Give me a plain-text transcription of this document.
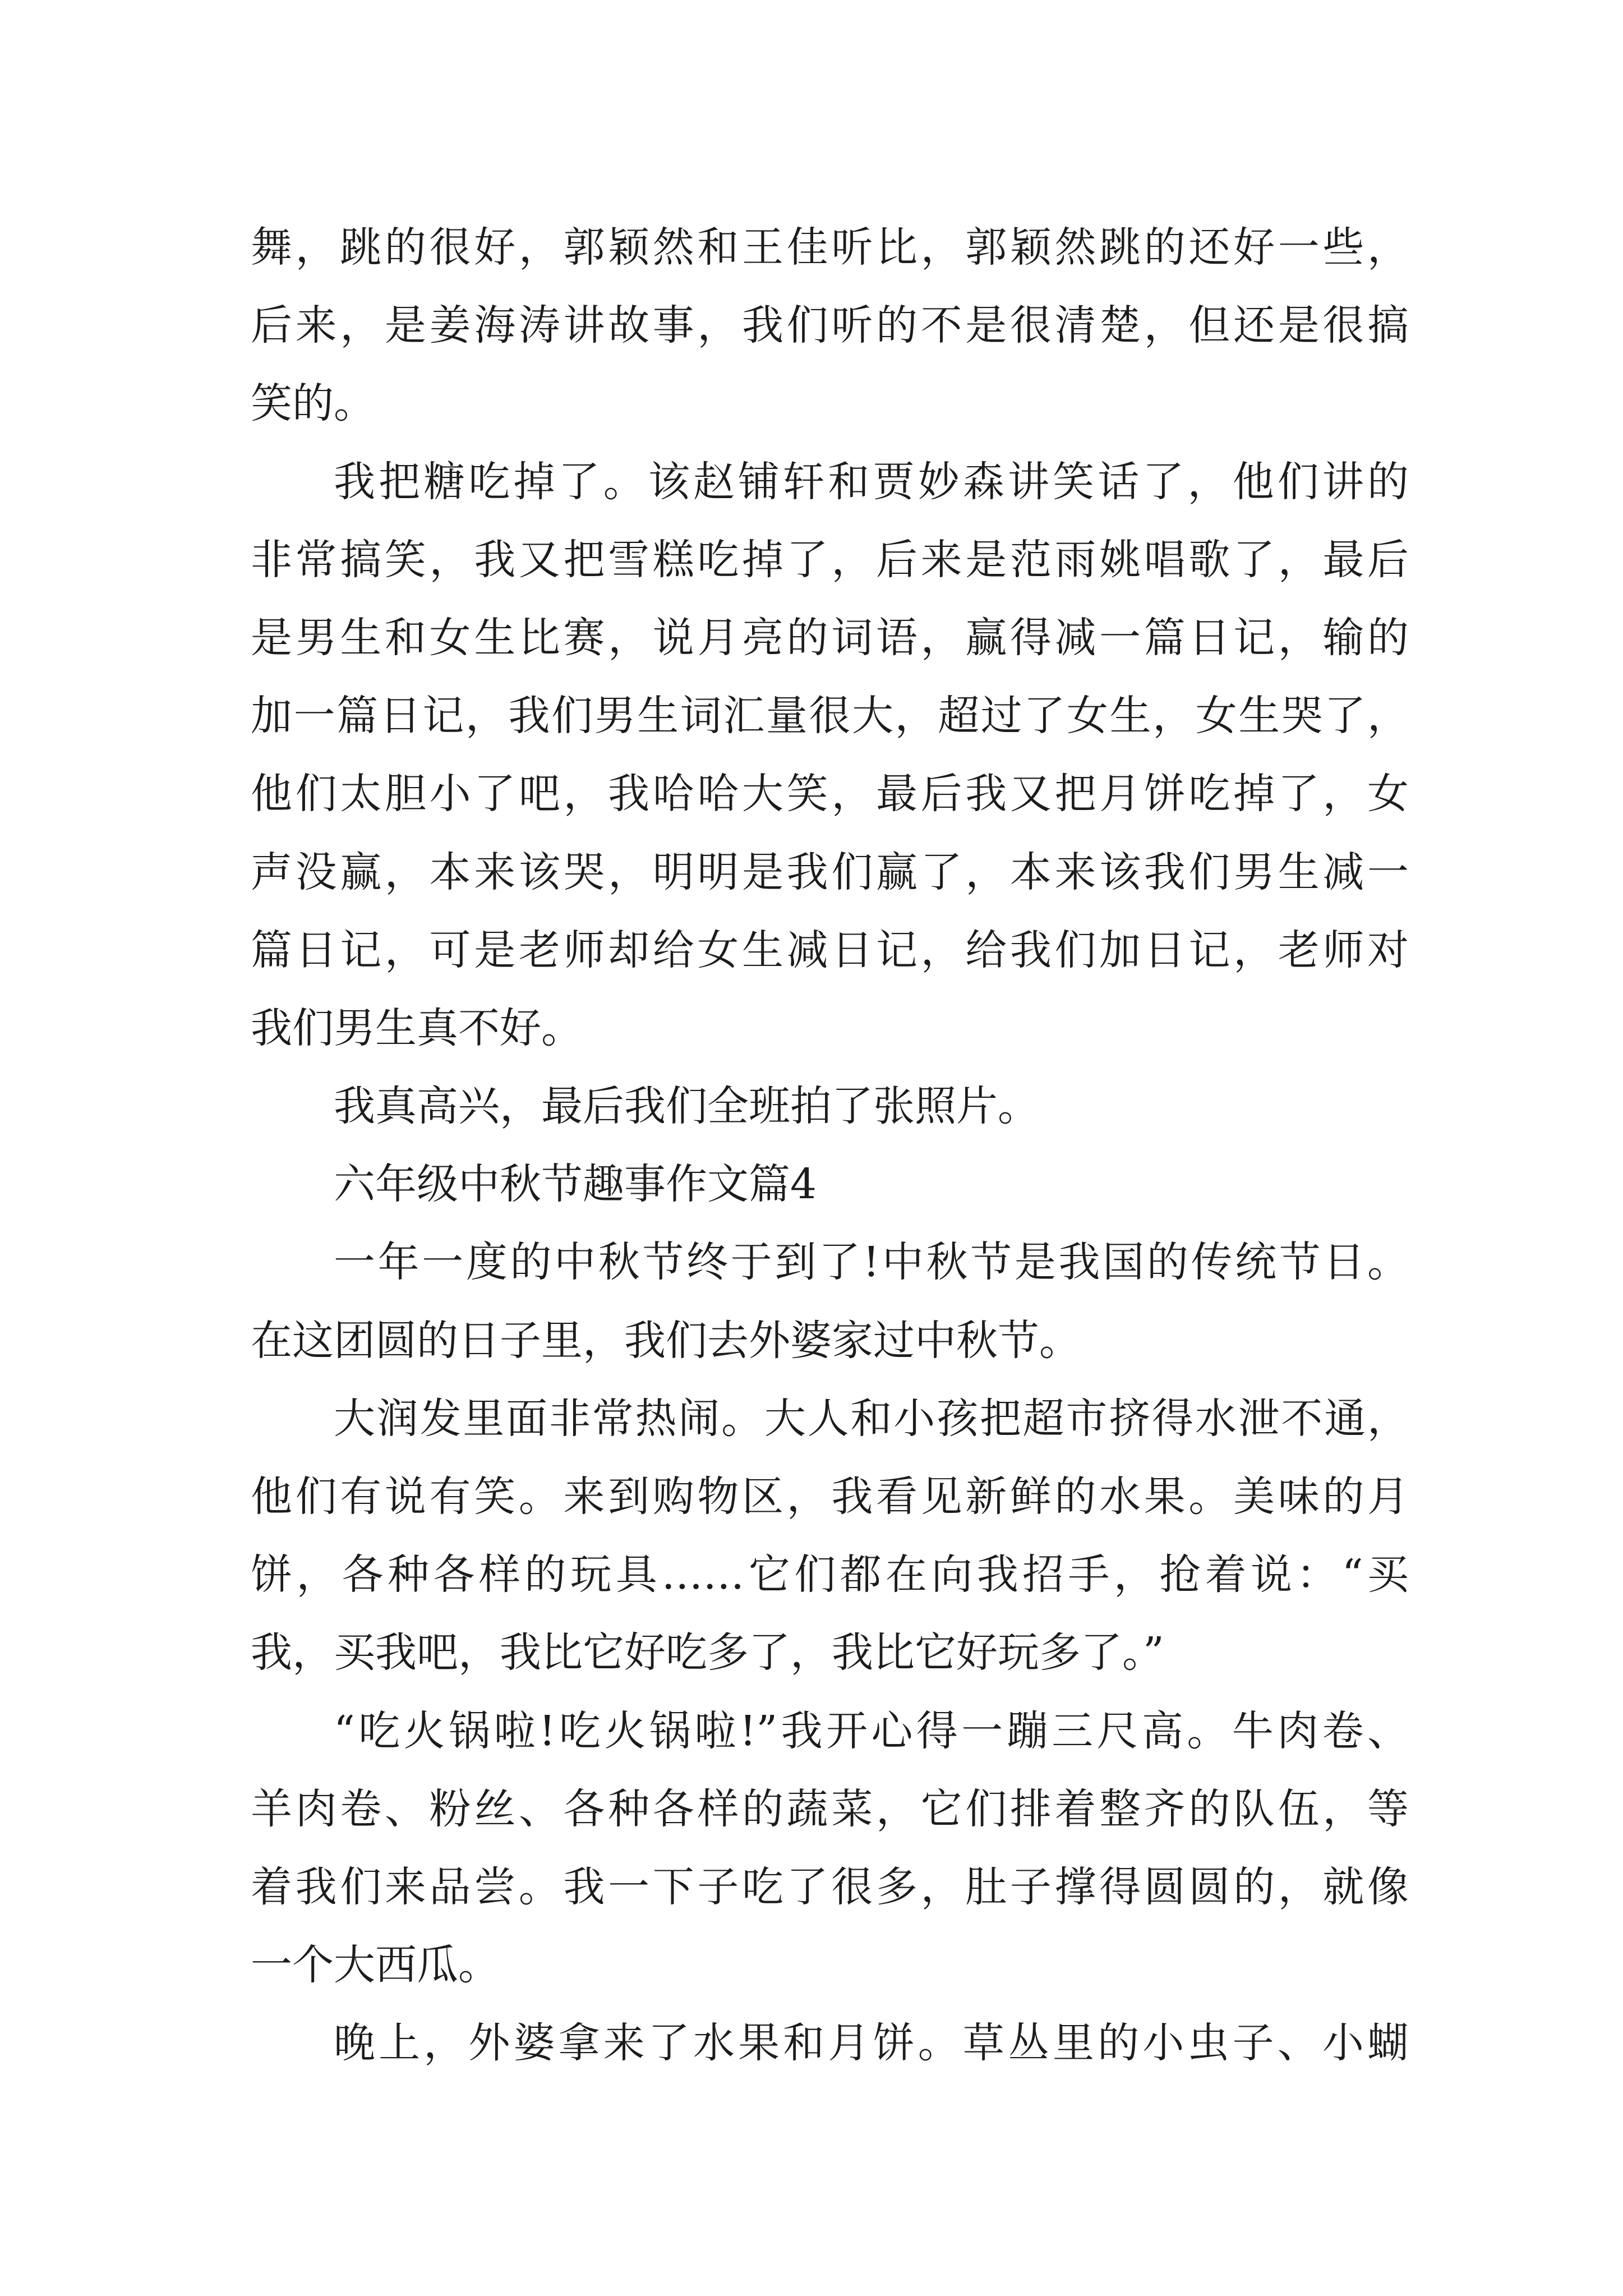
舞，跳的很好，郭颖然和王佳听比，郭颖然跳的还好一些，
后来，是姜海涛讲故事，我们听的不是很清楚，但还是很搞
笑的。
我把糖吃掉了。该赵铺轩和贾妙森讲笑话了，他们讲的
非常搞笑，我又把雪糕吃掉了，后来是范雨姚唱歌了，最后
是男生和女生比赛，说月亮的词语，赢得减一篇日记，输的
加一篇日记，我们男生词汇量很大，超过了女生，女生哭了，
他们太胆小了吧，我哈哈大笑，最后我又把月饼吃掉了，女
声没赢，本来该哭，明明是我们赢了，本来该我们男生减一
篇日记，可是老师却给女生减日记，给我们加日记，老师对
我们男生真不好。
我真高兴，最后我们全班拍了张照片。
六年级中秋节趣事作文篇4
一年一度的中秋节终于到了!中秋节是我国的传统节日。
在这团圆的日子里，我们去外婆家过中秋节。
大润发里面非常热闹。大人和小孩把超市挤得水泄不通，
他们有说有笑。来到购物区，我看见新鲜的水果。美味的月
饼，各种各样的玩具……它们都在向我招手，抢着说：“买
我，买我吧，我比它好吃多了，我比它好玩多了。”
“吃火锅啦!吃火锅啦!”我开心得一蹦三尺高。牛肉卷、
羊肉卷、粉丝、各种各样的蔬菜，它们排着整齐的队伍，等
着我们来品尝。我一下子吃了很多，肚子撑得圆圆的，就像
一个大西瓜。
晚上，外婆拿来了水果和月饼。草丛里的小虫子、小蝴
